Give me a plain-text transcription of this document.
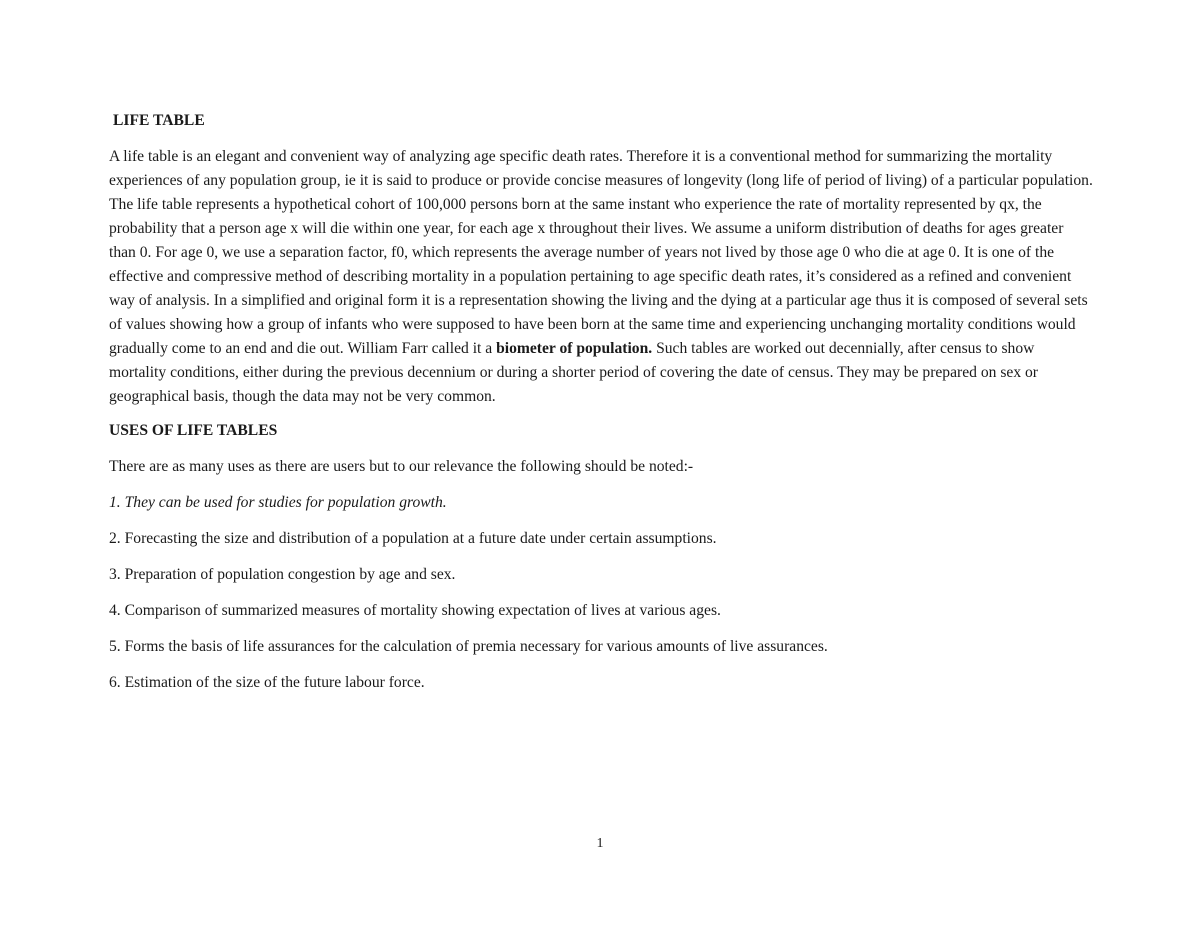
LIFE TABLE

A life table is an elegant and convenient way of analyzing age specific death rates. Therefore it is a conventional method for summarizing the mortality experiences of any population group, ie it is said to produce or provide concise measures of longevity (long life of period of living) of a particular population. The life table represents a hypothetical cohort of 100,000 persons born at the same instant who experience the rate of mortality represented by qx, the probability that a person age x will die within one year, for each age x throughout their lives. We assume a uniform distribution of deaths for ages greater than 0. For age 0, we use a separation factor, f0, which represents the average number of years not lived by those age 0 who die at age 0. It is one of the effective and compressive method of describing mortality in a population pertaining to age specific death rates, it’s considered as a refined and convenient way of analysis. In a simplified and original form it is a representation showing the living and the dying at a particular age thus it is composed of several sets of values showing how a group of infants who were supposed to have been born at the same time and experiencing unchanging mortality conditions would gradually come to an end and die out. William Farr called it a biometer of population. Such tables are worked out decennially, after census to show mortality conditions, either during the previous decennium or during a shorter period of covering the date of census. They may be prepared on sex or geographical basis, though the data may not be very common.

USES OF LIFE TABLES
There are as many uses as there are users but to our relevance the following should be noted:-
1. They can be used for studies for population growth.
2. Forecasting the size and distribution of a population at a future date under certain assumptions.
3. Preparation of population congestion by age and sex.
4. Comparison of summarized measures of mortality showing expectation of lives at various ages.
5. Forms the basis of life assurances for the calculation of premia necessary for various amounts of live assurances.
6. Estimation of the size of the future labour force.
1
